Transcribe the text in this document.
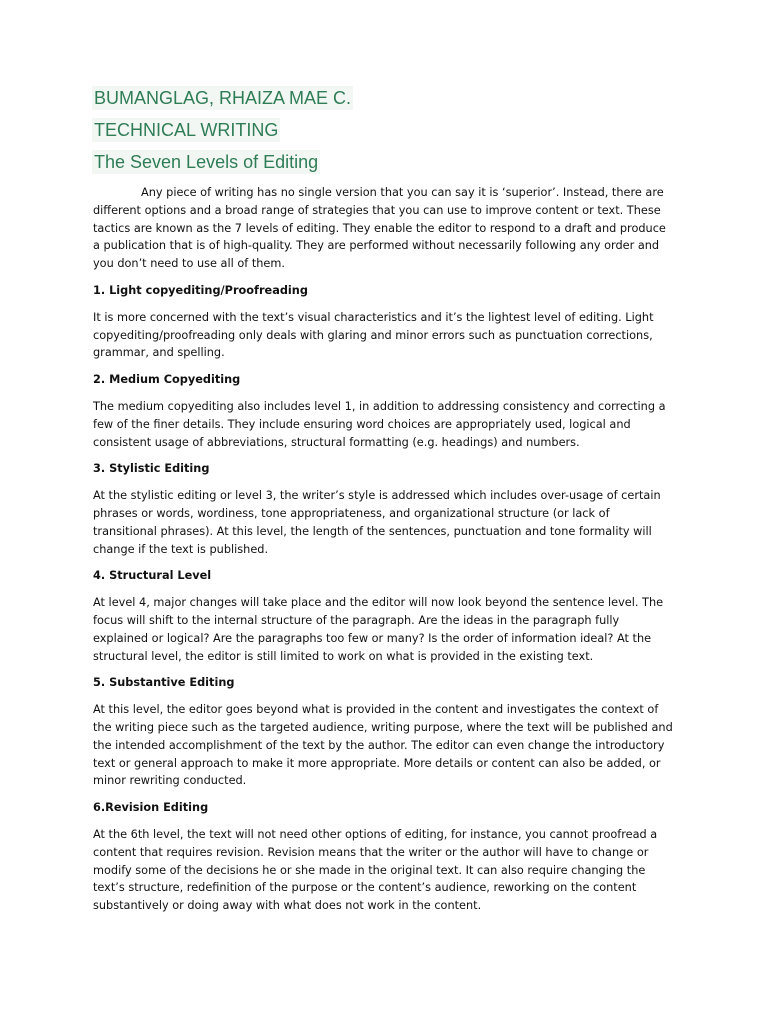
BUMANGLAG, RHAIZA MAE C.
TECHNICAL WRITING
The Seven Levels of Editing

Any piece of writing has no single version that you can say it is ‘superior’. Instead, there are different options and a broad range of strategies that you can use to improve content or text. These tactics are known as the 7 levels of editing. They enable the editor to respond to a draft and produce a publication that is of high-quality. They are performed without necessarily following any order and you don’t need to use all of them.

1. Light copyediting/Proofreading

It is more concerned with the text’s visual characteristics and it’s the lightest level of editing. Light copyediting/proofreading only deals with glaring and minor errors such as punctuation corrections, grammar, and spelling.

2. Medium Copyediting

The medium copyediting also includes level 1, in addition to addressing consistency and correcting a few of the finer details. They include ensuring word choices are appropriately used, logical and consistent usage of abbreviations, structural formatting (e.g. headings) and numbers.

3. Stylistic Editing

At the stylistic editing or level 3, the writer’s style is addressed which includes over-usage of certain phrases or words, wordiness, tone appropriateness, and organizational structure (or lack of transitional phrases). At this level, the length of the sentences, punctuation and tone formality will change if the text is published.

4. Structural Level

At level 4, major changes will take place and the editor will now look beyond the sentence level. The focus will shift to the internal structure of the paragraph. Are the ideas in the paragraph fully explained or logical? Are the paragraphs too few or many? Is the order of information ideal? At the structural level, the editor is still limited to work on what is provided in the existing text.

5. Substantive Editing

At this level, the editor goes beyond what is provided in the content and investigates the context of the writing piece such as the targeted audience, writing purpose, where the text will be published and the intended accomplishment of the text by the author. The editor can even change the introductory text or general approach to make it more appropriate. More details or content can also be added, or minor rewriting conducted.

6.Revision Editing

At the 6th level, the text will not need other options of editing, for instance, you cannot proofread a content that requires revision. Revision means that the writer or the author will have to change or modify some of the decisions he or she made in the original text. It can also require changing the text’s structure, redefinition of the purpose or the content’s audience, reworking on the content substantively or doing away with what does not work in the content.
